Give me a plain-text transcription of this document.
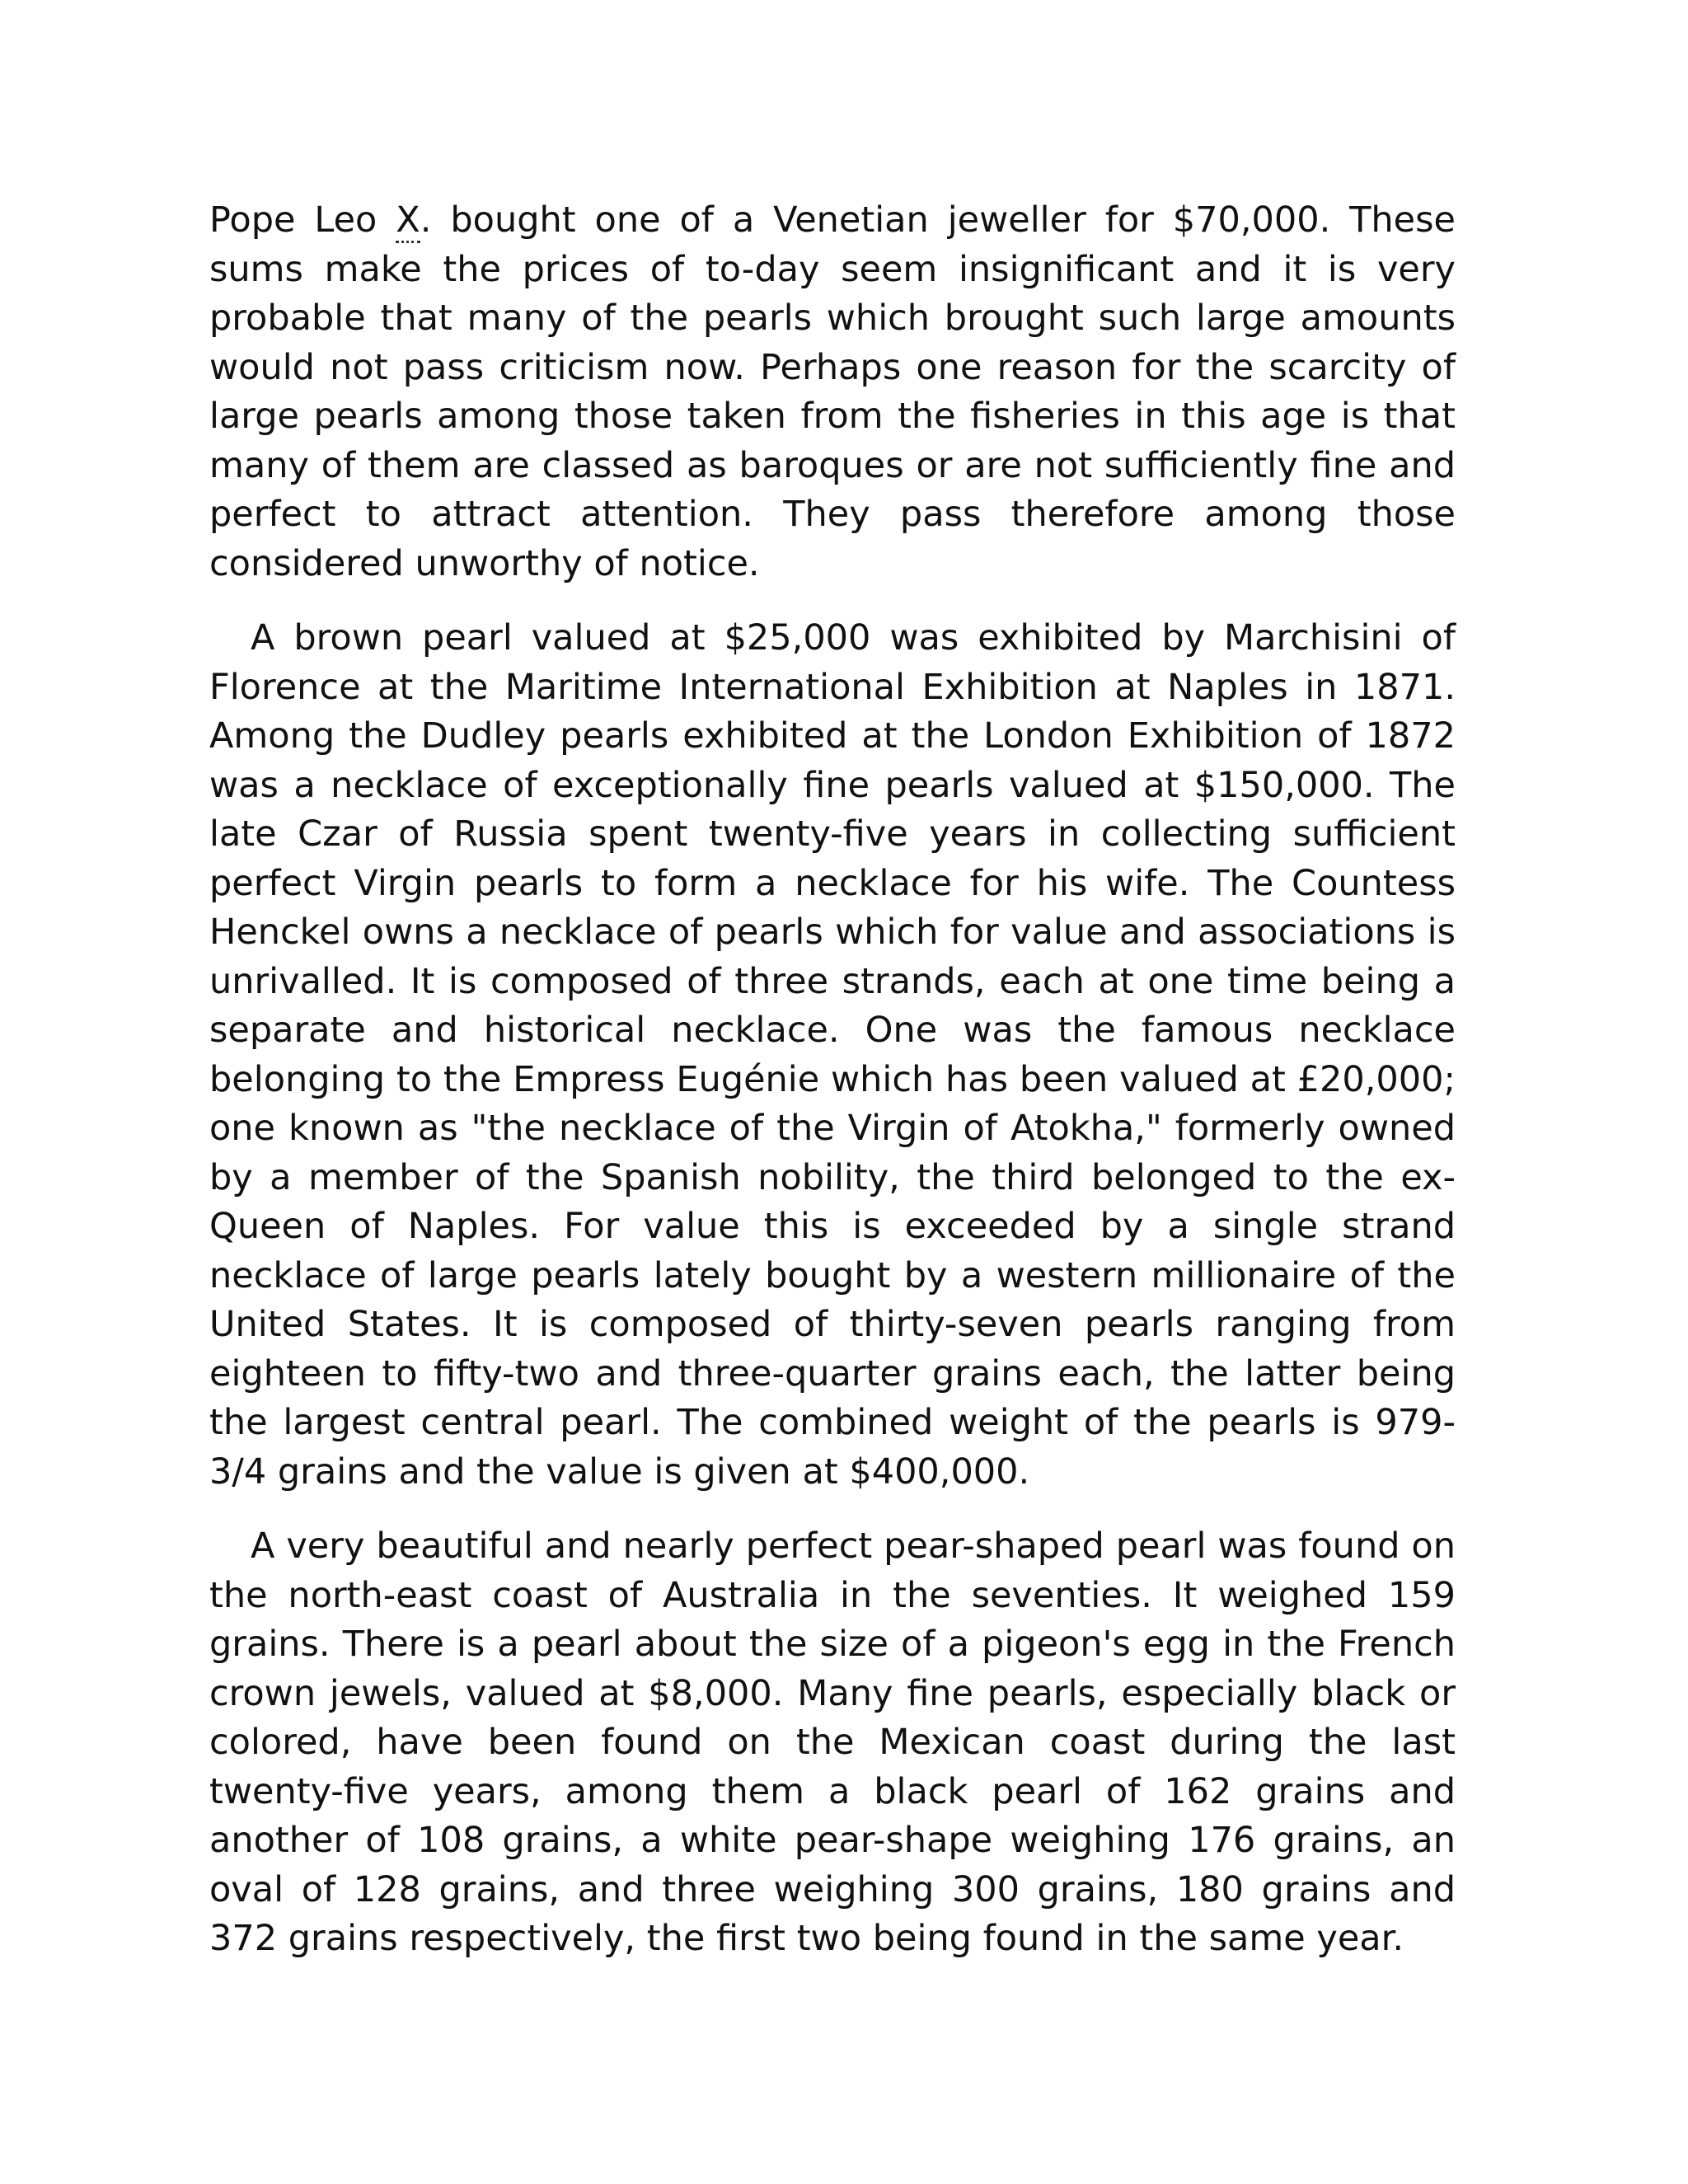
Pope Leo X. bought one of a Venetian jeweller for $70,000. These sums make the prices of to-day seem insignificant and it is very probable that many of the pearls which brought such large amounts would not pass criticism now. Perhaps one reason for the scarcity of large pearls among those taken from the fisheries in this age is that many of them are classed as baroques or are not sufficiently fine and perfect to attract attention. They pass therefore among those considered unworthy of notice.

A brown pearl valued at $25,000 was exhibited by Marchisini of Florence at the Maritime International Exhibition at Naples in 1871. Among the Dudley pearls exhibited at the London Exhibition of 1872 was a necklace of exceptionally fine pearls valued at $150,000. The late Czar of Russia spent twenty-five years in collecting sufficient perfect Virgin pearls to form a necklace for his wife. The Countess Henckel owns a necklace of pearls which for value and associations is unrivalled. It is composed of three strands, each at one time being a separate and historical necklace. One was the famous necklace belonging to the Empress Eugénie which has been valued at £20,000; one known as "the necklace of the Virgin of Atokha," formerly owned by a member of the Spanish nobility, the third belonged to the ex-Queen of Naples. For value this is exceeded by a single strand necklace of large pearls lately bought by a western millionaire of the United States. It is composed of thirty-seven pearls ranging from eighteen to fifty-two and three-quarter grains each, the latter being the largest central pearl. The combined weight of the pearls is 979-3/4 grains and the value is given at $400,000.

A very beautiful and nearly perfect pear-shaped pearl was found on the north-east coast of Australia in the seventies. It weighed 159 grains. There is a pearl about the size of a pigeon's egg in the French crown jewels, valued at $8,000. Many fine pearls, especially black or colored, have been found on the Mexican coast during the last twenty-five years, among them a black pearl of 162 grains and another of 108 grains, a white pear-shape weighing 176 grains, an oval of 128 grains, and three weighing 300 grains, 180 grains and 372 grains respectively, the first two being found in the same year.
